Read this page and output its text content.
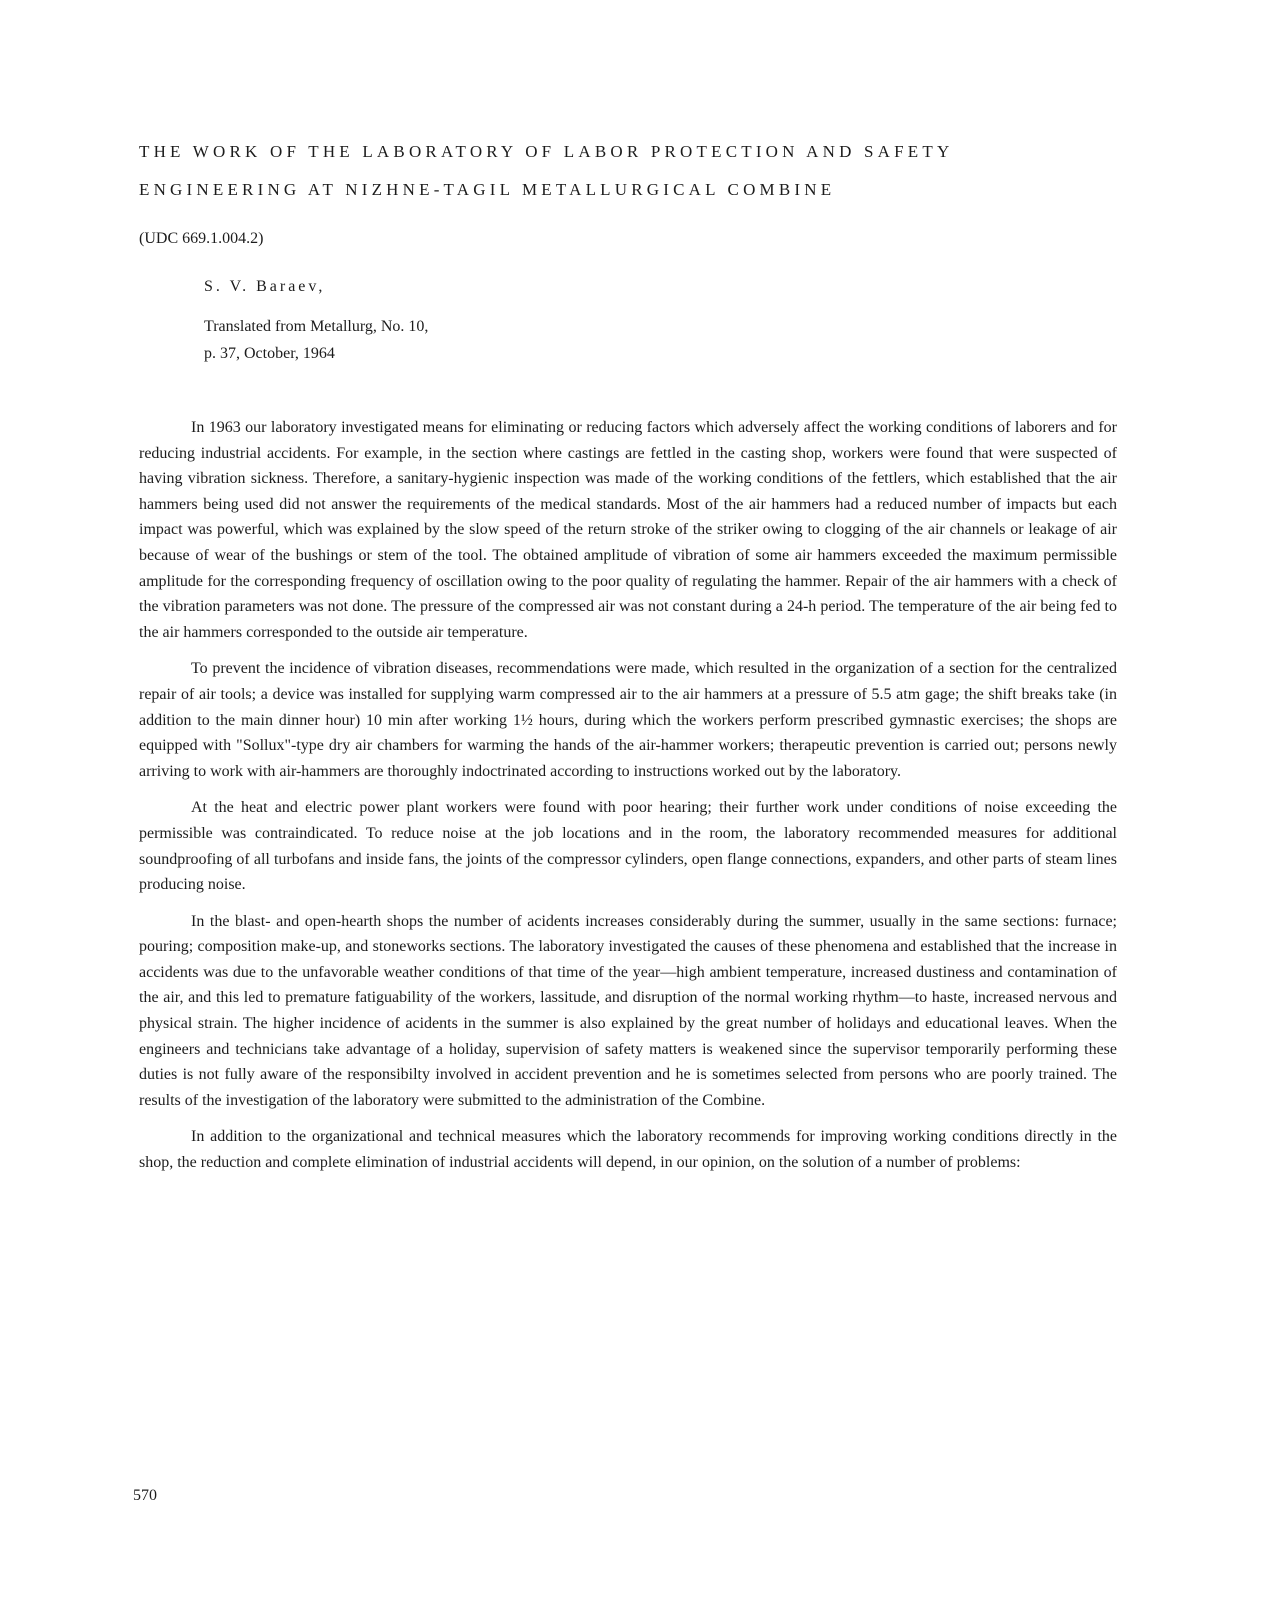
THE WORK OF THE LABORATORY OF LABOR PROTECTION AND SAFETY
ENGINEERING AT NIZHNE-TAGIL METALLURGICAL COMBINE
(UDC 669.1.004.2)
S. V. Baraev,
Translated from Metallurg, No. 10,
p. 37, October, 1964

In 1963 our laboratory investigated means for eliminating or reducing factors which adversely affect the working conditions of laborers and for reducing industrial accidents. For example, in the section where castings are fettled in the casting shop, workers were found that were suspected of having vibration sickness. Therefore, a sanitary-hygienic inspection was made of the working conditions of the fettlers, which established that the air hammers being used did not answer the requirements of the medical standards. Most of the air hammers had a reduced number of impacts but each impact was powerful, which was explained by the slow speed of the return stroke of the striker owing to clogging of the air channels or leakage of air because of wear of the bushings or stem of the tool. The obtained amplitude of vibration of some air hammers exceeded the maximum permissible amplitude for the corresponding frequency of oscillation owing to the poor quality of regulating the hammer. Repair of the air hammers with a check of the vibration parameters was not done. The pressure of the compressed air was not constant during a 24-h period. The temperature of the air being fed to the air hammers corresponded to the outside air temperature.

To prevent the incidence of vibration diseases, recommendations were made, which resulted in the organization of a section for the centralized repair of air tools; a device was installed for supplying warm compressed air to the air hammers at a pressure of 5.5 atm gage; the shift breaks take (in addition to the main dinner hour) 10 min after working 1½ hours, during which the workers perform prescribed gymnastic exercises; the shops are equipped with "Sollux"-type dry air chambers for warming the hands of the air-hammer workers; therapeutic prevention is carried out; persons newly arriving to work with air-hammers are thoroughly indoctrinated according to instructions worked out by the laboratory.

At the heat and electric power plant workers were found with poor hearing; their further work under conditions of noise exceeding the permissible was contraindicated. To reduce noise at the job locations and in the room, the laboratory recommended measures for additional soundproofing of all turbofans and inside fans, the joints of the compressor cylinders, open flange connections, expanders, and other parts of steam lines producing noise.

In the blast- and open-hearth shops the number of acidents increases considerably during the summer, usually in the same sections: furnace; pouring; composition make-up, and stoneworks sections. The laboratory investigated the causes of these phenomena and established that the increase in accidents was due to the unfavorable weather conditions of that time of the year—high ambient temperature, increased dustiness and contamination of the air, and this led to premature fatiguability of the workers, lassitude, and disruption of the normal working rhythm—to haste, increased nervous and physical strain. The higher incidence of acidents in the summer is also explained by the great number of holidays and educational leaves. When the engineers and technicians take advantage of a holiday, supervision of safety matters is weakened since the supervisor temporarily performing these duties is not fully aware of the responsibilty involved in accident prevention and he is sometimes selected from persons who are poorly trained. The results of the investigation of the laboratory were submitted to the administration of the Combine.

In addition to the organizational and technical measures which the laboratory recommends for improving working conditions directly in the shop, the reduction and complete elimination of industrial accidents will depend, in our opinion, on the solution of a number of problems:

570
